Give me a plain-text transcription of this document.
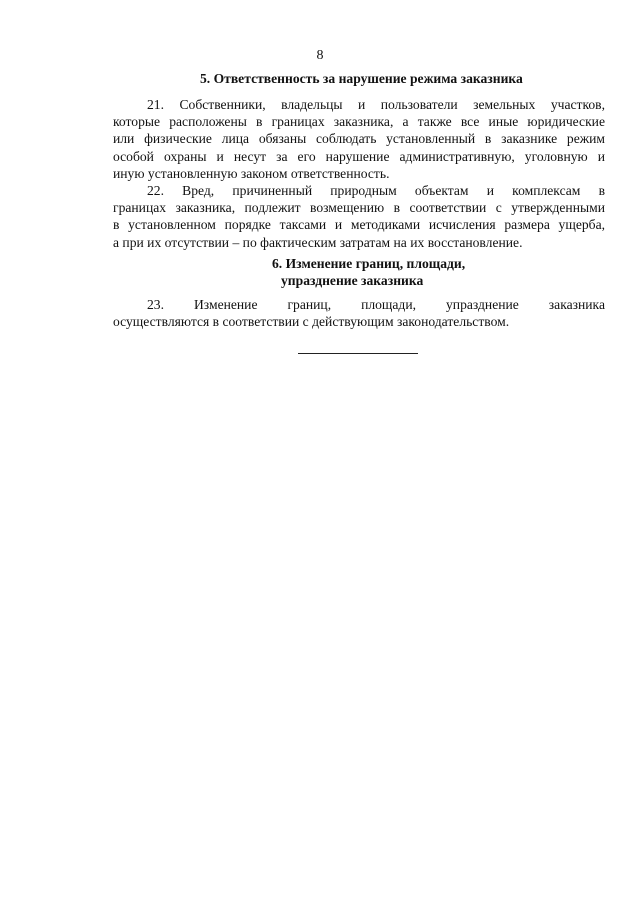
8
5. Ответственность за нарушение режима заказника
21. Собственники, владельцы и пользователи земельных участков,
которые расположены в границах заказника, а также все иные юридические
или физические лица обязаны соблюдать установленный в заказнике режим
особой охраны и несут за его нарушение административную, уголовную и
иную установленную законом ответственность.
22. Вред, причиненный природным объектам и комплексам в
границах заказника, подлежит возмещению в соответствии с утвержденными
в установленном порядке таксами и методиками исчисления размера ущерба,
а при их отсутствии – по фактическим затратам на их восстановление.
6. Изменение границ, площади,
упразднение заказника
23. Изменение границ, площади, упразднение заказника
осуществляются в соответствии с действующим законодательством.
